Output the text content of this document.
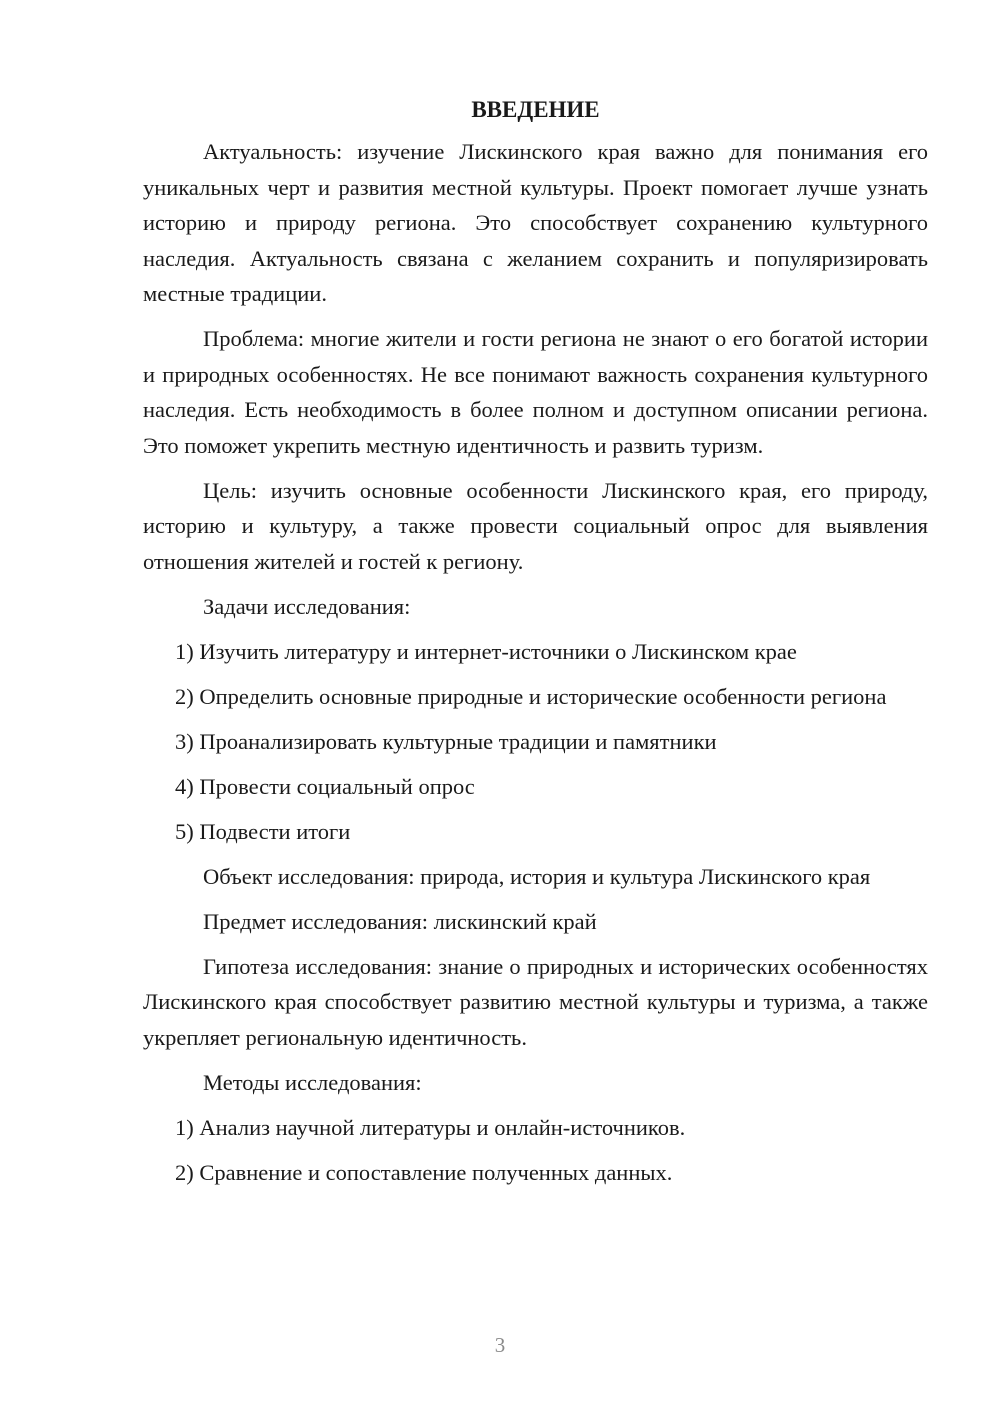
ВВЕДЕНИЕ

Актуальность: изучение Лискинского края важно для понимания его уникальных черт и развития местной культуры. Проект помогает лучше узнать историю и природу региона. Это способствует сохранению культурного наследия. Актуальность связана с желанием сохранить и популяризировать местные традиции.

Проблема: многие жители и гости региона не знают о его богатой истории и природных особенностях. Не все понимают важность сохранения культурного наследия. Есть необходимость в более полном и доступном описании региона. Это поможет укрепить местную идентичность и развить туризм.

Цель: изучить основные особенности Лискинского края, его природу, историю и культуру, а также провести социальный опрос для выявления отношения жителей и гостей к региону.

Задачи исследования:

1) Изучить литературу и интернет-источники о Лискинском крае

2) Определить основные природные и исторические особенности региона

3) Проанализировать культурные традиции и памятники

4) Провести социальный опрос

5) Подвести итоги

Объект исследования: природа, история и культура Лискинского края

Предмет исследования: лискинский край

Гипотеза исследования: знание о природных и исторических особенностях Лискинского края способствует развитию местной культуры и туризма, а также укрепляет региональную идентичность.

Методы исследования:

1) Анализ научной литературы и онлайн-источников.

2) Сравнение и сопоставление полученных данных.

3
